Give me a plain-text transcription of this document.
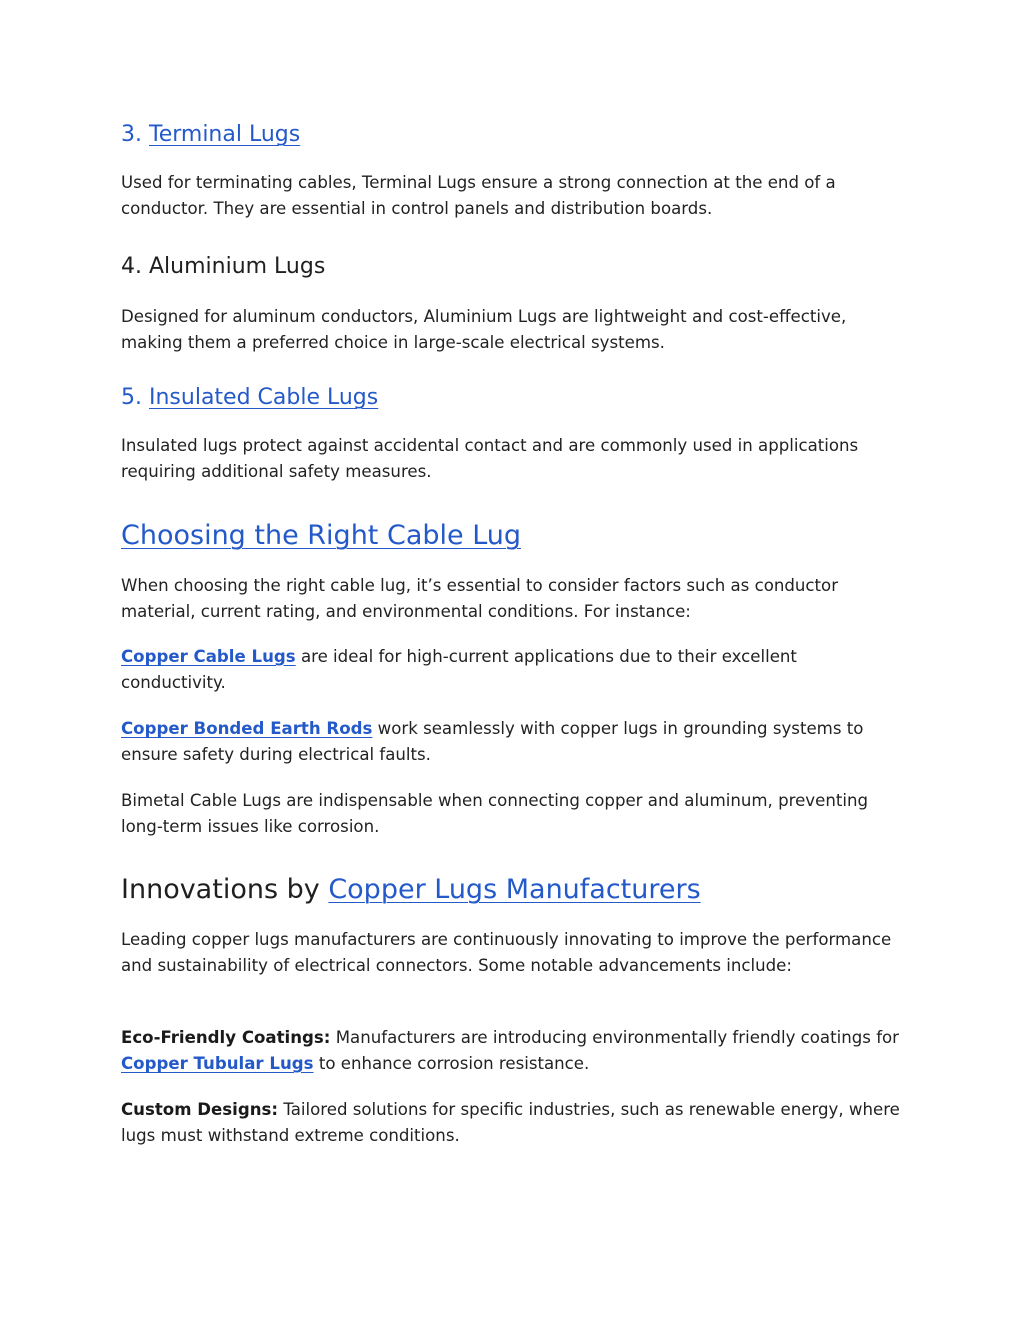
3. Terminal Lugs
Used for terminating cables, Terminal Lugs ensure a strong connection at the end of a conductor. They are essential in control panels and distribution boards.
4. Aluminium Lugs
Designed for aluminum conductors, Aluminium Lugs are lightweight and cost-effective, making them a preferred choice in large-scale electrical systems.
5. Insulated Cable Lugs
Insulated lugs protect against accidental contact and are commonly used in applications requiring additional safety measures.
Choosing the Right Cable Lug
When choosing the right cable lug, it’s essential to consider factors such as conductor material, current rating, and environmental conditions. For instance:
Copper Cable Lugs are ideal for high-current applications due to their excellent conductivity.
Copper Bonded Earth Rods work seamlessly with copper lugs in grounding systems to ensure safety during electrical faults.
Bimetal Cable Lugs are indispensable when connecting copper and aluminum, preventing long-term issues like corrosion.
Innovations by Copper Lugs Manufacturers
Leading copper lugs manufacturers are continuously innovating to improve the performance and sustainability of electrical connectors. Some notable advancements include:
Eco-Friendly Coatings: Manufacturers are introducing environmentally friendly coatings for Copper Tubular Lugs to enhance corrosion resistance.
Custom Designs: Tailored solutions for specific industries, such as renewable energy, where lugs must withstand extreme conditions.
